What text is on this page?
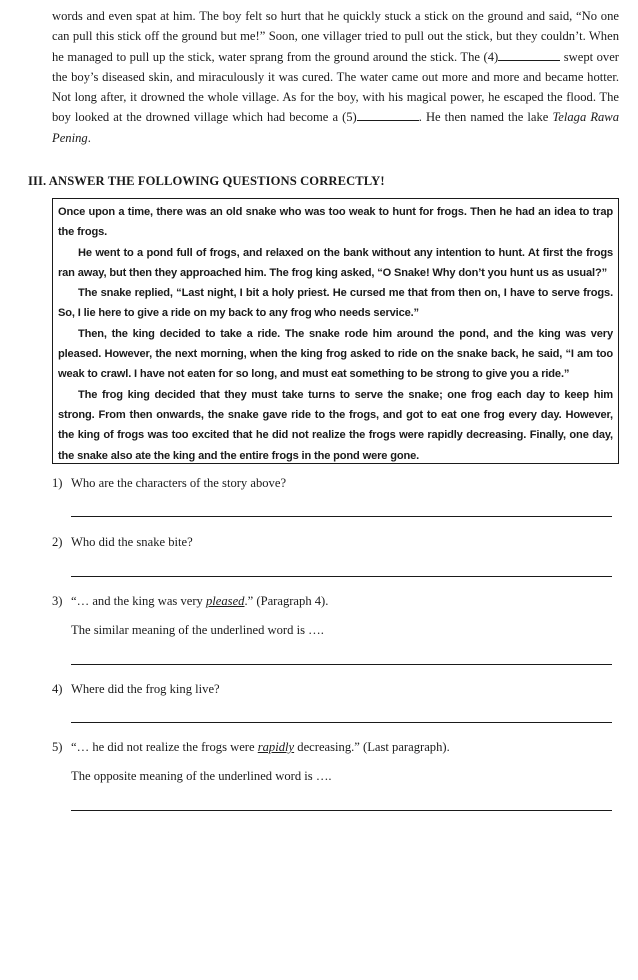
words and even spat at him. The boy felt so hurt that he quickly stuck a stick on the ground and said, “No one can pull this stick off the ground but me!” Soon, one villager tried to pull out the stick, but they couldn’t. When he managed to pull up the stick, water sprang from the ground around the stick. The (4)	swept over the boy’s diseased skin, and miraculously it was cured. The water came out more and more and became hotter. Not long after, it drowned the whole village. As for the boy, with his magical power, he escaped the flood. The boy looked at the drowned village which had become a (5)	. He then named the lake Telaga Rawa Pening.

III. ANSWER THE FOLLOWING QUESTIONS CORRECTLY!

Once upon a time, there was an old snake who was too weak to hunt for frogs. Then he had an idea to trap the frogs.

He went to a pond full of frogs, and relaxed on the bank without any intention to hunt. At first the frogs ran away, but then they approached him. The frog king asked, “O Snake! Why don’t you hunt us as usual?”

The snake replied, “Last night, I bit a holy priest. He cursed me that from then on, I have to serve frogs. So, I lie here to give a ride on my back to any frog who needs service.”

Then, the king decided to take a ride. The snake rode him around the pond, and the king was very pleased. However, the next morning, when the king frog asked to ride on the snake back, he said, “I am too weak to crawl. I have not eaten for so long, and must eat something to be strong to give you a ride.”

The frog king decided that they must take turns to serve the snake; one frog each day to keep him strong. From then onwards, the snake gave ride to the frogs, and got to eat one frog every day. However, the king of frogs was too excited that he did not realize the frogs were rapidly decreasing. Finally, one day, the snake also ate the king and the entire frogs in the pond were gone.

1) Who are the characters of the story above?
2) Who did the snake bite?
3) “… and the king was very pleased.” (Paragraph 4).
The similar meaning of the underlined word is ….
4) Where did the frog king live?
5) “… he did not realize the frogs were rapidly decreasing.” (Last paragraph).
The opposite meaning of the underlined word is ….
